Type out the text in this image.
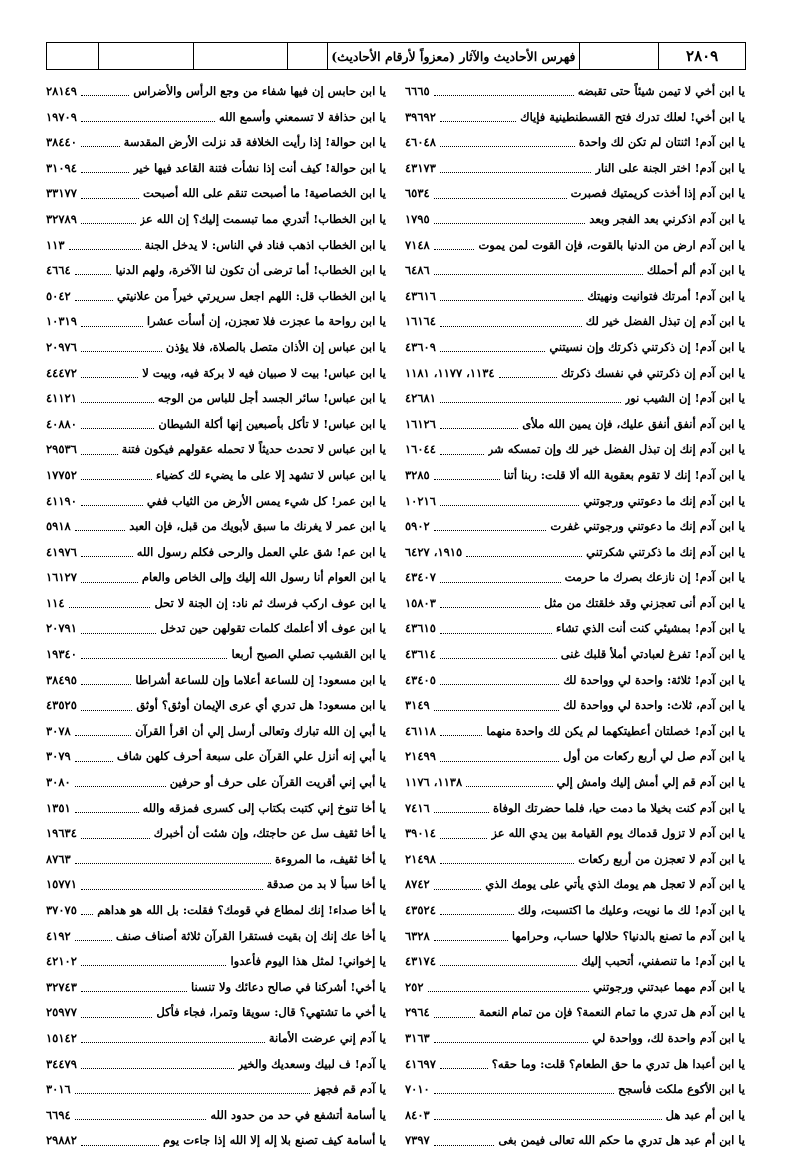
فهرس الأحاديث والآثار (معزواً لأرقام الأحاديث)	٢٨٠٩
يا ابن أخي لا تيمن شيئاً حتى تقبضه
٦٦٦٥
يا ابن أخي! لعلك تدرك فتح القسطنطينية فإياك
٣٩٦٩٢
يا ابن آدم! اثنتان لم تكن لك واحدة
٤٦٠٤٨
يا ابن آدم! اختر الجنة على النار
٤٣١٧٣
يا ابن آدم إذا أخذت كريمتيك فصبرت
٦٥٣٤
يا ابن آدم اذكرني بعد الفجر وبعد
١٧٩٥
يا ابن آدم ارض من الدنيا بالقوت، فإن القوت لمن يموت
٧١٤٨
يا ابن آدم ألم أحملك
٦٤٨٦
يا ابن آدم! أمرتك فتوانيت ونهيتك
٤٣٦١٦
يا ابن آدم إن تبذل الفضل خير لك
١٦١٦٤
يا ابن آدم! إن ذكرتني ذكرتك وإن نسيتني
٤٣٦٠٩
يا ابن آدم إن ذكرتني في نفسك ذكرتك
١١٣٤، ١١٧٧، ١١٨١
يا ابن آدم! إن الشيب نور
٤٢٦٨١
يا ابن آدم أنفق أنفق عليك، فإن يمين الله ملأى
١٦١٢٦
يا ابن آدم إنك إن تبذل الفضل خير لك وإن تمسكه شر
١٦٠٤٤
يا ابن آدم! إنك لا تقوم بعقوبة الله ألا قلت: ربنا أتنا
٣٢٨٥
يا ابن آدم إنك ما دعوتني ورجوتني
١٠٢١٦
يا ابن آدم إنك ما دعوتني ورجوتني غفرت
٥٩٠٢
يا ابن آدم إنك ما ذكرتني شكرتني
١٩١٥، ٦٤٢٧
يا ابن آدم! إن نازعك بصرك ما حرمت
٤٣٤٠٧
يا ابن آدم أنى تعجزني وقد خلقتك من مثل
١٥٨٠٣
يا ابن آدم! بمشيئي كنت أنت الذي تشاء
٤٣٦١٥
يا ابن آدم! تفرغ لعبادتي أملأ قلبك غنى
٤٣٦١٤
يا ابن آدم! ثلاثة: واحدة لي وواحدة لك
٤٣٤٠٥
يا ابن آدم، ثلاث: واحدة لي وواحدة لك
٣١٤٩
يا ابن آدم! خصلتان أعطيتكهما لم يكن لك واحدة منهما
٤٦١١٨
يا ابن آدم صل لي أربع ركعات من أول
٢١٤٩٩
يا ابن آدم قم إلي أمش إليك وامش إلي
١١٣٨، ١١٧٦
يا ابن آدم كنت بخيلا ما دمت حيا، فلما حضرتك الوفاة
٧٤١٦
يا ابن آدم لا تزول قدماك يوم القيامة بين يدي الله عز
٣٩٠١٤
يا ابن آدم لا تعجزن من أربع ركعات
٢١٤٩٨
يا ابن آدم لا تعجل هم يومك الذي يأتي على يومك الذي
٨٧٤٢
يا ابن آدم! لك ما نويت، وعليك ما اكتسبت، ولك
٤٣٥٢٤
يا ابن آدم ما تصنع بالدنيا؟ حلالها حساب، وحرامها
٦٣٢٨
يا ابن آدم! ما تنصفني، أتحبب إليك
٤٣١٧٤
يا ابن آدم مهما عبدتني ورجوتني
٢٥٢
يا ابن آدم هل تدري ما تمام النعمة؟ فإن من تمام النعمة
٢٩٦٤
يا ابن آدم واحدة لك، وواحدة لي
٣١٦٣
يا ابن أعبدا هل تدري ما حق الطعام؟ قلت: وما حقه؟
٤١٦٩٧
يا ابن الأكوع ملكت فأسجح
٧٠١٠
يا ابن أم عبد هل
٨٤٠٣
يا ابن أم عبد هل تدري ما حكم الله تعالى فيمن بغى
٧٣٩٧
يا ابن حابس إن فيها شفاء من وجع الرأس والأضراس
٢٨١٤٩
يا ابن حذافة لا تسمعني وأسمع الله
١٩٧٠٩
يا ابن حوالة! إذا رأيت الخلافة قد نزلت الأرض المقدسة
٣٨٤٤٠
يا ابن حوالة! كيف أنت إذا نشأت فتنة القاعد فيها خير
٣١٠٩٤
يا ابن الخصاصية! ما أصبحت تنقم على الله أصبحت
٣٣١٧٧
يا ابن الخطاب! أتدري مما تبسمت إليك؟ إن الله عز
٣٢٧٨٩
يا ابن الخطاب اذهب فناد في الناس: لا يدخل الجنة
١١٣
يا ابن الخطاب! أما ترضى أن تكون لنا الآخرة، ولهم الدنيا
٤٦٦٤
يا ابن الخطاب قل: اللهم اجعل سريرتي خيراً من علانيتي
٥٠٤٢
يا ابن رواحة ما عجزت فلا تعجزن، إن أسأت عشرا
١٠٣١٩
يا ابن عباس إن الأذان متصل بالصلاة، فلا يؤذن
٢٠٩٧٦
يا ابن عباس! بيت لا صبيان فيه لا بركة فيه، وبيت لا
٤٤٤٧٢
يا ابن عباس! سائر الجسد أجل للباس من الوجه
٤١١٢١
يا ابن عباس! لا تأكل بأصبعين إنها أكلة الشيطان
٤٠٨٨٠
يا ابن عباس لا تحدث حديثاً لا تحمله عقولهم فيكون فتنة
٢٩٥٣٦
يا ابن عباس لا تشهد إلا على ما يضيء لك كضياء
١٧٧٥٢
يا ابن عمر! كل شيء يمس الأرض من الثياب ففي
٤١١٩٠
يا ابن عمر لا يغرنك ما سبق لأبويك من قبل، فإن العبد
٥٩١٨
يا ابن عم! شق علي العمل والرحى فكلم رسول الله
٤١٩٧٦
يا ابن العوام أنا رسول الله إليك وإلى الخاص والعام
١٦١٢٧
يا ابن عوف اركب فرسك ثم ناد: إن الجنة لا تحل
١١٤
يا ابن عوف ألا أعلمك كلمات تقولهن حين تدخل
٢٠٧٩١
يا ابن القشيب تصلي الصبح أربعا
١٩٣٤٠
يا ابن مسعود! إن للساعة أعلاما وإن للساعة أشراطا
٣٨٤٩٥
يا ابن مسعود! هل تدري أي عرى الإيمان أوثق؟ أوثق
٤٣٥٢٥
يا أبي إن الله تبارك وتعالى أرسل إلي أن اقرأ القرآن
٣٠٧٨
يا أبي إنه أنزل علي القرآن على سبعة أحرف كلهن شاف
٣٠٧٩
يا أبي إني أقريت القرآن على حرف أو حرفين
٣٠٨٠
يا أخا تنوخ إني كتبت بكتاب إلى كسرى فمزقه والله
١٣٥١
يا أخا ثقيف سل عن حاجتك، وإن شئت أن أخبرك
١٩٦٣٤
يا أخا ثقيف، ما المروءة
٨٧٦٣
يا أخا سبأ لا بد من صدقة
١٥٧٧١
يا أخا صداء! إنك لمطاع في قومك؟ فقلت: بل الله هو هداهم
٣٧٠٧٥
يا أخا عك إنك إن بقيت فستقرا القرآن ثلاثة أصناف صنف
٤١٩٢
يا إخواني! لمثل هذا اليوم فأعدوا
٤٢١٠٢
يا أخي! أشركنا في صالح دعائك ولا تنسنا
٣٢٧٤٣
يا أخي ما تشتهي؟ قال: سويقا وتمرا، فجاء فأكل
٢٥٩٧٧
يا آدم إني عرضت الأمانة
١٥١٤٢
يا آدم! ف لبيك وسعديك والخير
٣٤٤٧٩
يا آدم قم فجهز
٣٠١٦
يا أسامة أتشفع في حد من حدود الله
٦٦٩٤
يا أسامة كيف تصنع بلا إله إلا الله إذا جاءت يوم
٢٩٨٨٢
